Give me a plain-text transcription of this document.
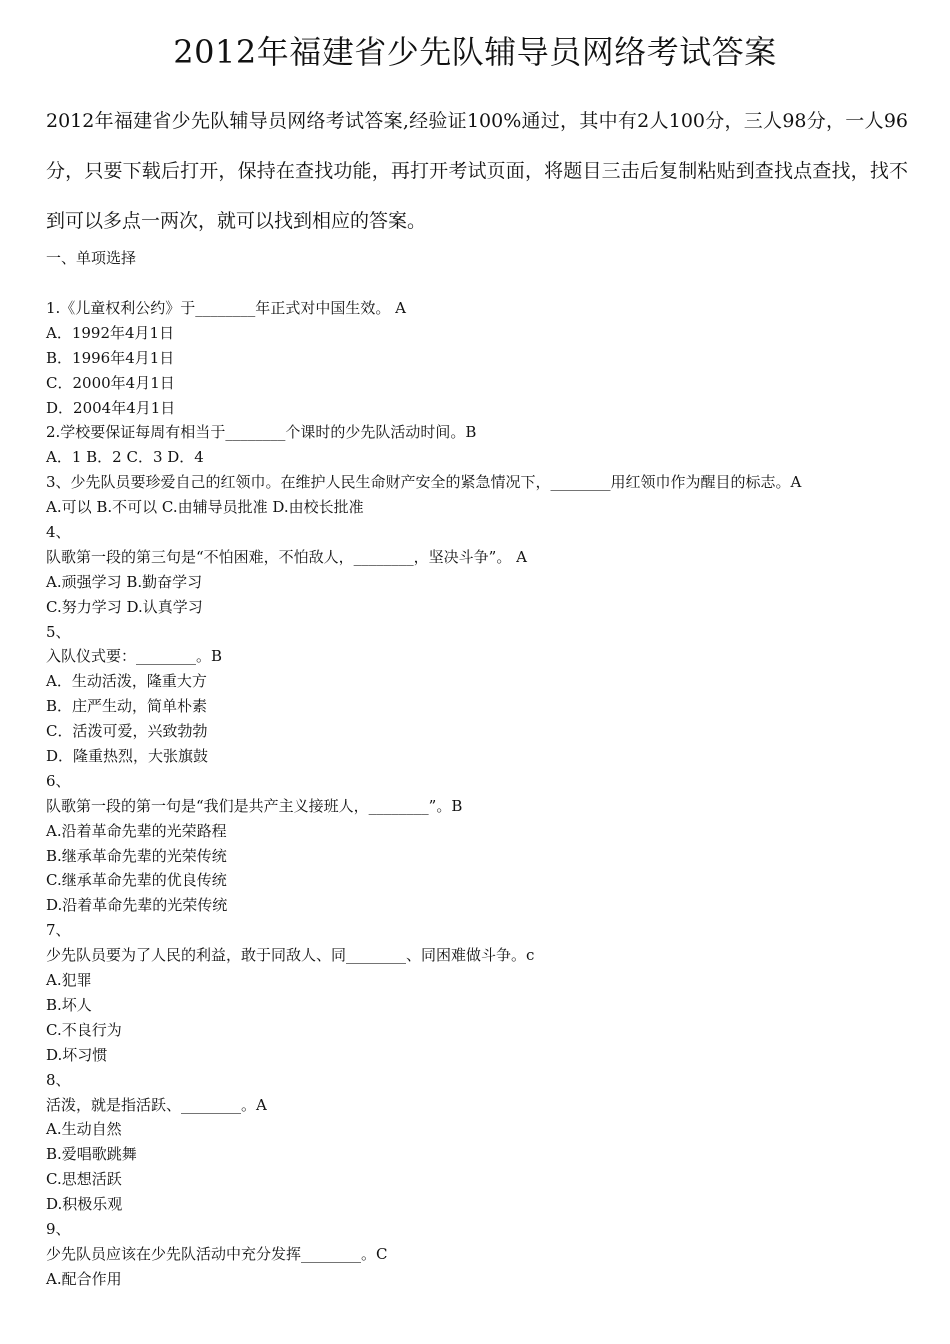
2012年福建省少先队辅导员网络考试答案
2012年福建省少先队辅导员网络考试答案,经验证100%通过，其中有2人100分，三人98分，一人96分，只要下载后打开，保持在查找功能，再打开考试页面，将题目三击后复制粘贴到查找点查找，找不到可以多点一两次，就可以找到相应的答案。
一、单项选择
1.《儿童权利公约》于________年正式对中国生效。 A
A．1992年4月1日
B．1996年4月1日
C．2000年4月1日
D．2004年4月1日
2.学校要保证每周有相当于________个课时的少先队活动时间。B
A．1 B．2 C．3 D．4
3、少先队员要珍爱自己的红领巾。在维护人民生命财产安全的紧急情况下，________用红领巾作为醒目的标志。A
A.可以 B.不可以 C.由辅导员批准 D.由校长批准
4、
队歌第一段的第三句是“不怕困难，不怕敌人，________，坚决斗争”。 A
A.顽强学习 B.勤奋学习
C.努力学习 D.认真学习
5、
入队仪式要：________。B
A．生动活泼，隆重大方
B．庄严生动，简单朴素
C．活泼可爱，兴致勃勃
D．隆重热烈，大张旗鼓
6、
队歌第一段的第一句是“我们是共产主义接班人，________”。B
A.沿着革命先辈的光荣路程
B.继承革命先辈的光荣传统
C.继承革命先辈的优良传统
D.沿着革命先辈的光荣传统
7、
少先队员要为了人民的利益，敢于同敌人、同________、同困难做斗争。c
A.犯罪
B.坏人
C.不良行为
D.坏习惯
8、
活泼，就是指活跃、________。A
A.生动自然
B.爱唱歌跳舞
C.思想活跃
D.积极乐观
9、
少先队员应该在少先队活动中充分发挥________。C
A.配合作用
